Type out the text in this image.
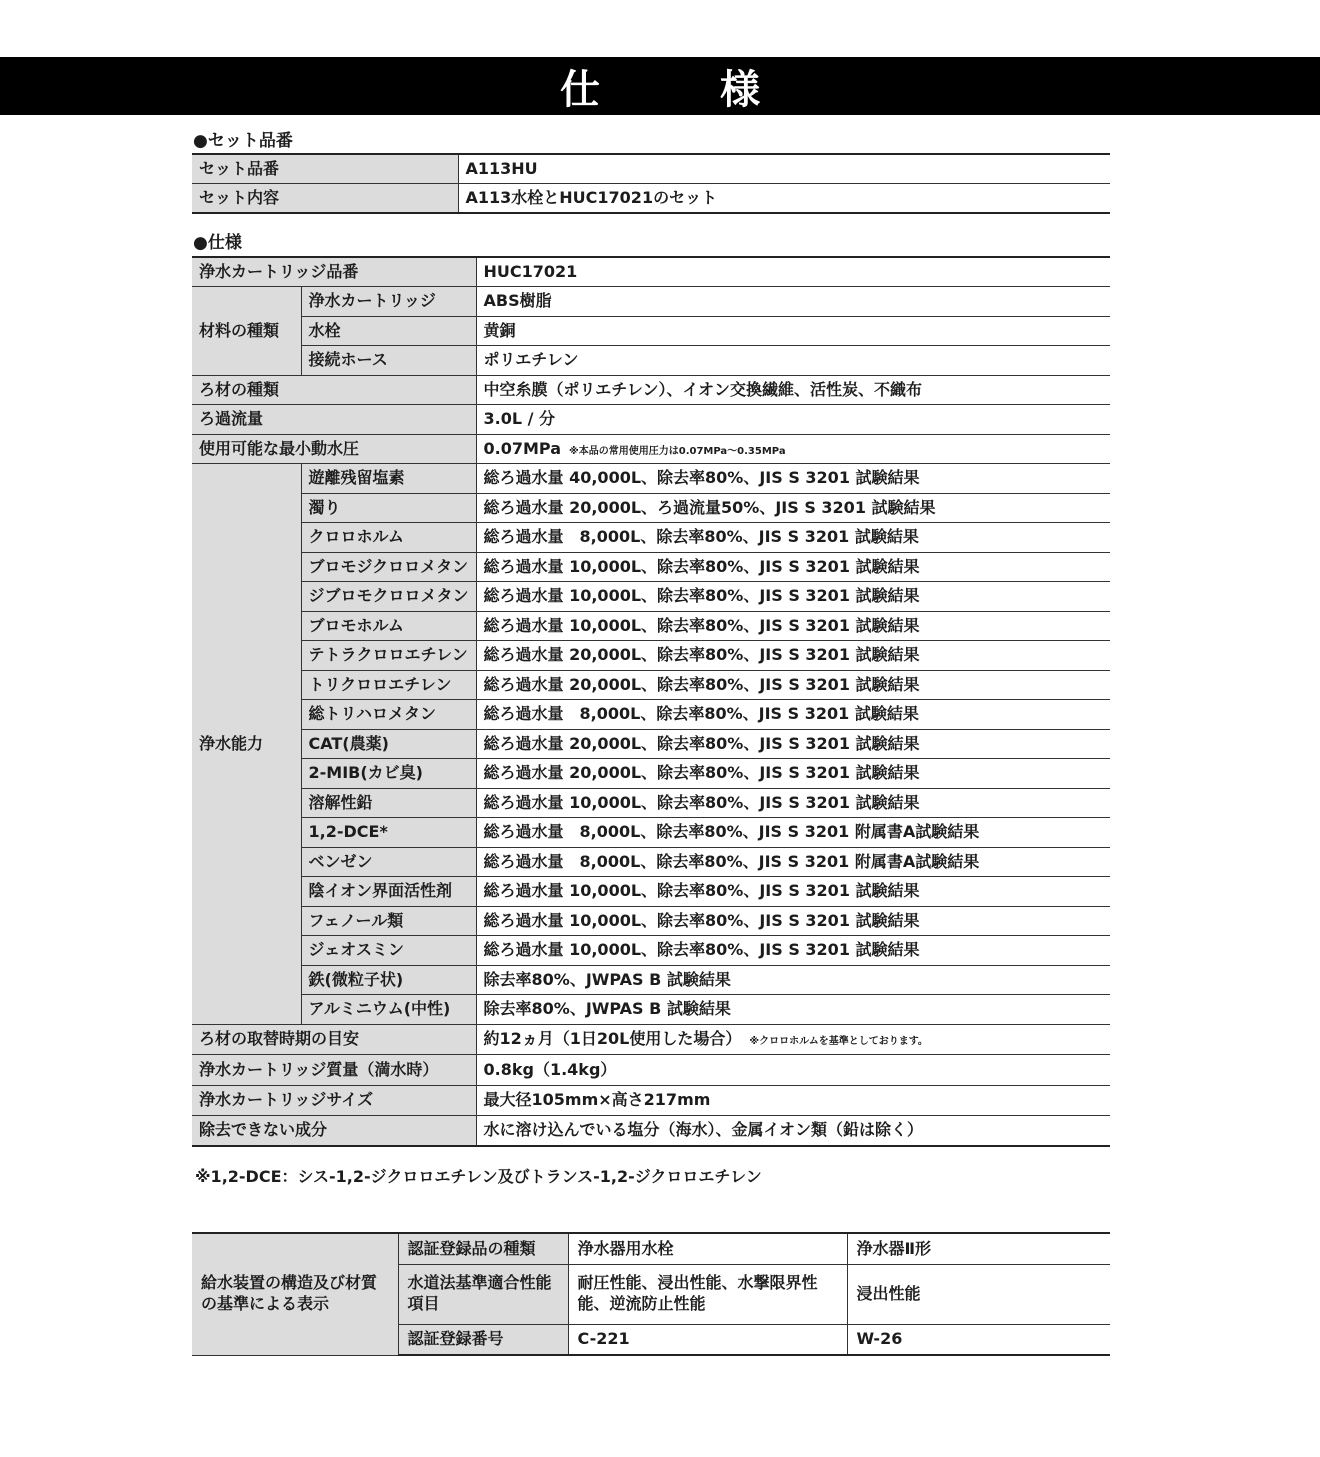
仕　様
●セット品番
セット品番	A113HU
セット内容	A113水栓とHUC17021のセット
●仕様
浄水カートリッジ品番		HUC17021
材料の種類	浄水カートリッジ	ABS樹脂
	水栓	黄銅
	接続ホース	ポリエチレン
ろ材の種類		中空糸膜（ポリエチレン）、イオン交換繊維、活性炭、不織布
ろ過流量		3.0L / 分
使用可能な最小動水圧		0.07MPa ※本品の常用使用圧力は0.07MPa～0.35MPa
浄水能力	遊離残留塩素	総ろ過水量 40,000L、除去率80%、JIS S 3201 試験結果
	濁り	総ろ過水量 20,000L、ろ過流量50%、JIS S 3201 試験結果
	クロロホルム	総ろ過水量　8,000L、除去率80%、JIS S 3201 試験結果
	ブロモジクロロメタン	総ろ過水量 10,000L、除去率80%、JIS S 3201 試験結果
	ジブロモクロロメタン	総ろ過水量 10,000L、除去率80%、JIS S 3201 試験結果
	ブロモホルム	総ろ過水量 10,000L、除去率80%、JIS S 3201 試験結果
	テトラクロロエチレン	総ろ過水量 20,000L、除去率80%、JIS S 3201 試験結果
	トリクロロエチレン	総ろ過水量 20,000L、除去率80%、JIS S 3201 試験結果
	総トリハロメタン	総ろ過水量　8,000L、除去率80%、JIS S 3201 試験結果
	CAT(農薬)	総ろ過水量 20,000L、除去率80%、JIS S 3201 試験結果
	2-MIB(カビ臭)	総ろ過水量 20,000L、除去率80%、JIS S 3201 試験結果
	溶解性鉛	総ろ過水量 10,000L、除去率80%、JIS S 3201 試験結果
	1,2-DCE*	総ろ過水量　8,000L、除去率80%、JIS S 3201 附属書A試験結果
	ベンゼン	総ろ過水量　8,000L、除去率80%、JIS S 3201 附属書A試験結果
	陰イオン界面活性剤	総ろ過水量 10,000L、除去率80%、JIS S 3201 試験結果
	フェノール類	総ろ過水量 10,000L、除去率80%、JIS S 3201 試験結果
	ジェオスミン	総ろ過水量 10,000L、除去率80%、JIS S 3201 試験結果
	鉄(微粒子状)	除去率80%、JWPAS B 試験結果
	アルミニウム(中性)	除去率80%、JWPAS B 試験結果
ろ材の取替時期の目安		約12ヵ月（1日20L使用した場合） ※クロロホルムを基準としております。
浄水カートリッジ質量（満水時）		0.8kg（1.4kg）
浄水カートリッジサイズ		最大径105mm×高さ217mm
除去できない成分		水に溶け込んでいる塩分（海水）、金属イオン類（鉛は除く）
※1,2-DCE：シス-1,2-ジクロロエチレン及びトランス-1,2-ジクロロエチレン
給水装置の構造及び材質の基準による表示	認証登録品の種類	浄水器用水栓	浄水器Ⅱ形
	水道法基準適合性能項目	耐圧性能、浸出性能、水撃限界性能、逆流防止性能	浸出性能
	認証登録番号	C-221	W-26
